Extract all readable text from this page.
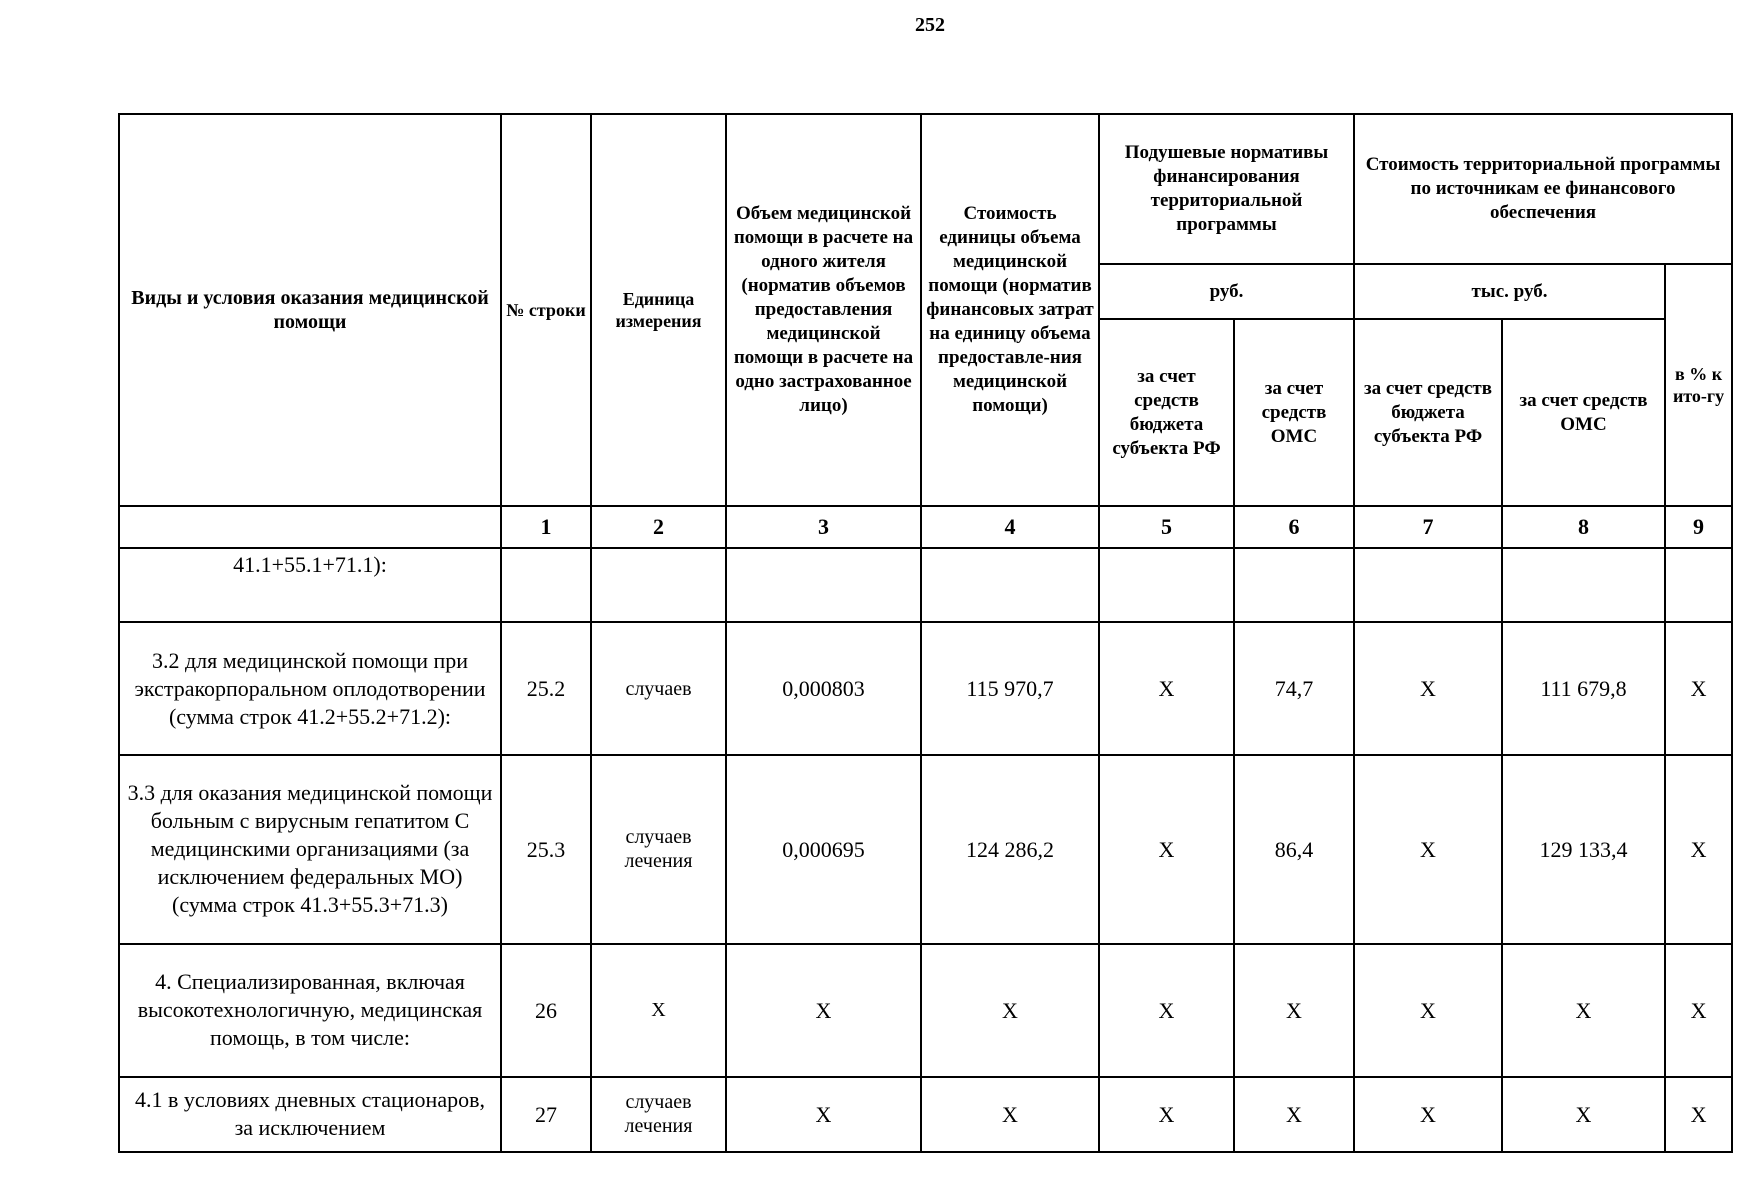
252
Виды и условия оказания медицинской помощи	№ строки	Единица измерения	Объем медицинской помощи в расчете на одного жителя (норматив объемов предоставления медицинской помощи в расчете на одно застрахованное лицо)	Стоимость единицы объема медицинской помощи (норматив финансовых затрат на единицу объема предоставле-ния медицинской помощи)	Подушевые нормативы финансирования территориальной программы		Стоимость территориальной программы по источникам ее финансового обеспечения		
					руб.		тыс. руб.		в % к ито-гу
					за счет средств бюджета субъекта РФ	за счет средств ОМС	за счет средств бюджета субъекта РФ	за счет средств ОМС	
	1	2	3	4	5	6	7	8	9
41.1+55.1+71.1):									
3.2 для медицинской помощи при экстракорпоральном оплодотворении (сумма строк 41.2+55.2+71.2):	25.2	случаев	0,000803	115 970,7	X	74,7	X	111 679,8	X
3.3 для оказания медицинской помощи больным с вирусным гепатитом С медицинскими организациями (за исключением федеральных МО) (сумма строк 41.3+55.3+71.3)	25.3	случаев лечения	0,000695	124 286,2	X	86,4	X	129 133,4	X
4. Специализированная, включая высокотехнологичную, медицинская помощь, в том числе:	26	X	X	X	X	X	X	X	X
4.1 в условиях дневных стационаров, за исключением	27	случаев лечения	X	X	X	X	X	X	X
